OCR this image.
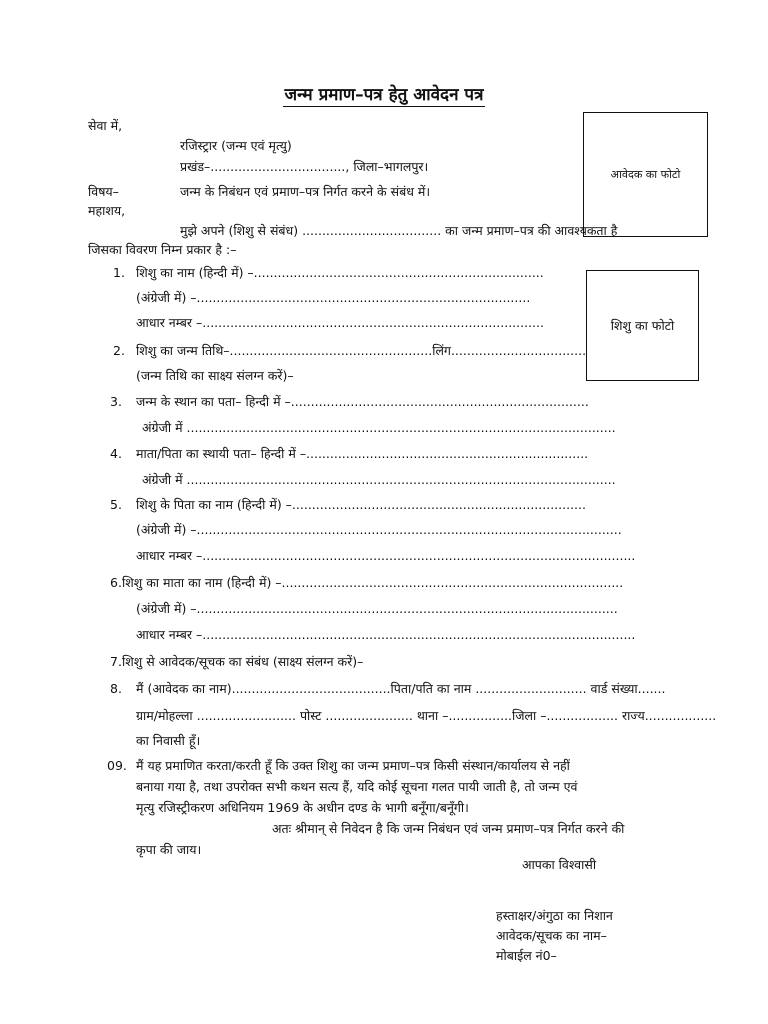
जन्म प्रमाण–पत्र हेतु आवेदन पत्र
आवेदक का फोटो
शिशु का फोटो
सेवा में,
रजिस्ट्रार (जन्म एवं मृत्यु)
प्रखंड–.................................., जिला–भागलपुर।
विषय–	जन्म के निबंधन एवं प्रमाण–पत्र निर्गत करने के संबंध में।
महाशय,
मुझे अपने (शिशु से संबंध) ................................... का जन्म प्रमाण–पत्र की आवश्यकता है
जिसका विवरण निम्न प्रकार है :–
1. शिशु का नाम (हिन्दी में) –.........................................................................
(अंग्रेजी में) –....................................................................................
आधार नम्बर –......................................................................................
2. शिशु का जन्म तिथि–...................................................लिंग..................................
(जन्म तिथि का साक्ष्य संलग्न करें)–
3. जन्म के स्थान का पता– हिन्दी में –...........................................................................
अंग्रेजी में ............................................................................................................
4. माता/पिता का स्थायी पता– हिन्दी में –.......................................................................
अंग्रेजी में ............................................................................................................
5. शिशु के पिता का नाम (हिन्दी में) –..........................................................................
(अंग्रेजी में) –...........................................................................................................
आधार नम्बर –.............................................................................................................
6. शिशु का माता का नाम (हिन्दी में) –......................................................................................
(अंग्रेजी में) –..........................................................................................................
आधार नम्बर –.............................................................................................................
7. शिशु से आवेदक/सूचक का संबंध (साक्ष्य संलग्न करें)–
8. मैं (आवेदक का नाम)........................................पिता/पति का नाम ............................ वार्ड संख्या.......
ग्राम/मोहल्ला ......................... पोस्ट ...................... थाना –................जिला –.................. राज्य..................
का निवासी हूँ।
09. मैं यह प्रमाणित करता/करती हूँ कि उक्त शिशु का जन्म प्रमाण–पत्र किसी संस्थान/कार्यालय से नहीं
बनाया गया है, तथा उपरोक्त सभी कथन सत्य हैं, यदि कोई सूचना गलत पायी जाती है, तो जन्म एवं
मृत्यु रजिस्ट्रीकरण अधिनियम 1969 के अधीन दण्ड के भागी बनूँगा/बनूँगी।
अतः श्रीमान् से निवेदन है कि जन्म निबंधन एवं जन्म प्रमाण–पत्र निर्गत करने की
कृपा की जाय।
आपका विश्वासी
हस्ताक्षर/अंगुठा का निशान
आवेदक/सूचक का नाम–
मोबाईल नं0–
